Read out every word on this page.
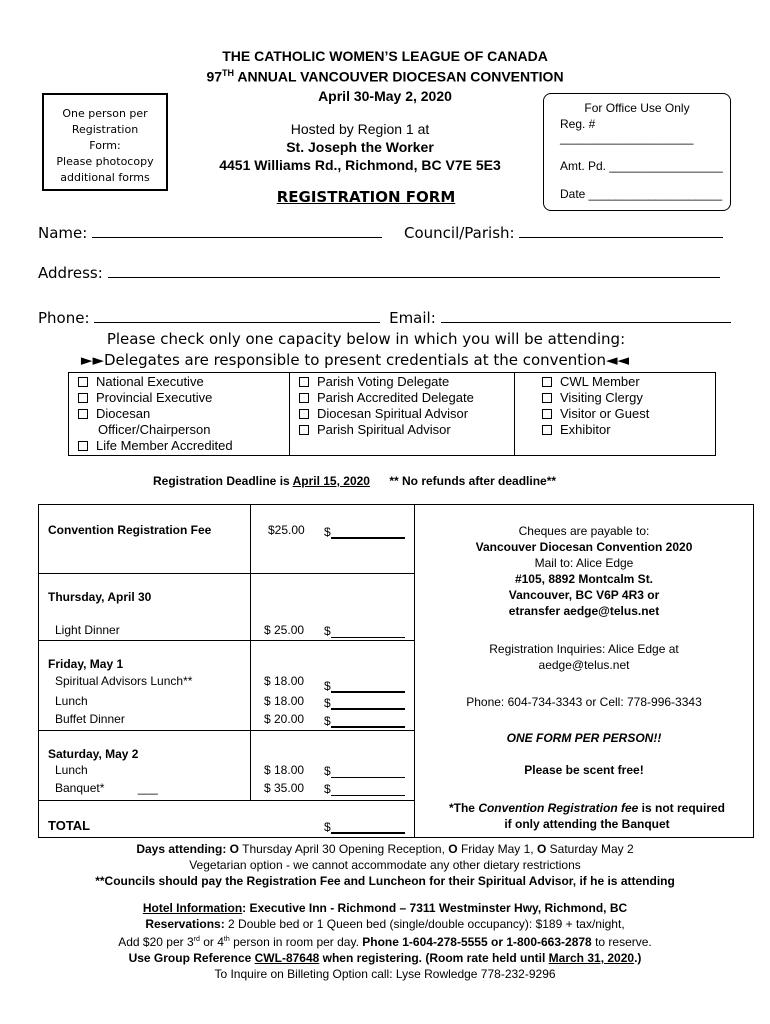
THE CATHOLIC WOMEN’S LEAGUE OF CANADA
97TH ANNUAL VANCOUVER DIOCESAN CONVENTION
April 30-May 2, 2020
One person per
Registration
Form:
Please photocopy
additional forms
Hosted by Region 1 at
St. Joseph the Worker
4451 Williams Rd., Richmond, BC V7E 5E3
For Office Use Only
Reg. # ____________________
Amt. Pd. _________________
Date ____________________
REGISTRATION FORM
Name:	Council/Parish:
Address:
Phone:	Email:
Please check only one capacity below in which you will be attending:
►►Delegates are responsible to present credentials at the convention◄◄
National Executive
Provincial Executive
Diocesan
Officer/Chairperson
Life Member Accredited
Parish Voting Delegate
Parish Accredited Delegate
Diocesan Spiritual Advisor
Parish Spiritual Advisor
CWL Member
Visiting Clergy
Visitor or Guest
Exhibitor
Registration Deadline is April 15, 2020 ** No refunds after deadline**
Convention Registration Fee	$25.00 $
Thursday, April 30
Light Dinner	$ 25.00 $
Friday, May 1
Spiritual Advisors Lunch**	$ 18.00 $
Lunch	$ 18.00 $
Buffet Dinner	$ 20.00 $
Saturday, May 2
Lunch	$ 18.00 $
Banquet*	___	$ 35.00 $
TOTAL	$
Cheques are payable to:
Vancouver Diocesan Convention 2020
Mail to: Alice Edge
#105, 8892 Montcalm St.
Vancouver, BC V6P 4R3 or
etransfer aedge@telus.net
Registration Inquiries: Alice Edge at
aedge@telus.net
Phone: 604-734-3343 or Cell: 778-996-3343
ONE FORM PER PERSON!!
Please be scent free!
*The Convention Registration fee is not required
if only attending the Banquet
Days attending: O Thursday April 30 Opening Reception, O Friday May 1, O Saturday May 2
Vegetarian option - we cannot accommodate any other dietary restrictions
**Councils should pay the Registration Fee and Luncheon for their Spiritual Advisor, if he is attending
Hotel Information: Executive Inn - Richmond – 7311 Westminster Hwy, Richmond, BC
Reservations: 2 Double bed or 1 Queen bed (single/double occupancy): $189 + tax/night,
Add $20 per 3rd or 4th person in room per day. Phone 1-604-278-5555 or 1-800-663-2878 to reserve.
Use Group Reference CWL-87648 when registering. (Room rate held until March 31, 2020.)
To Inquire on Billeting Option call: Lyse Rowledge 778-232-9296
